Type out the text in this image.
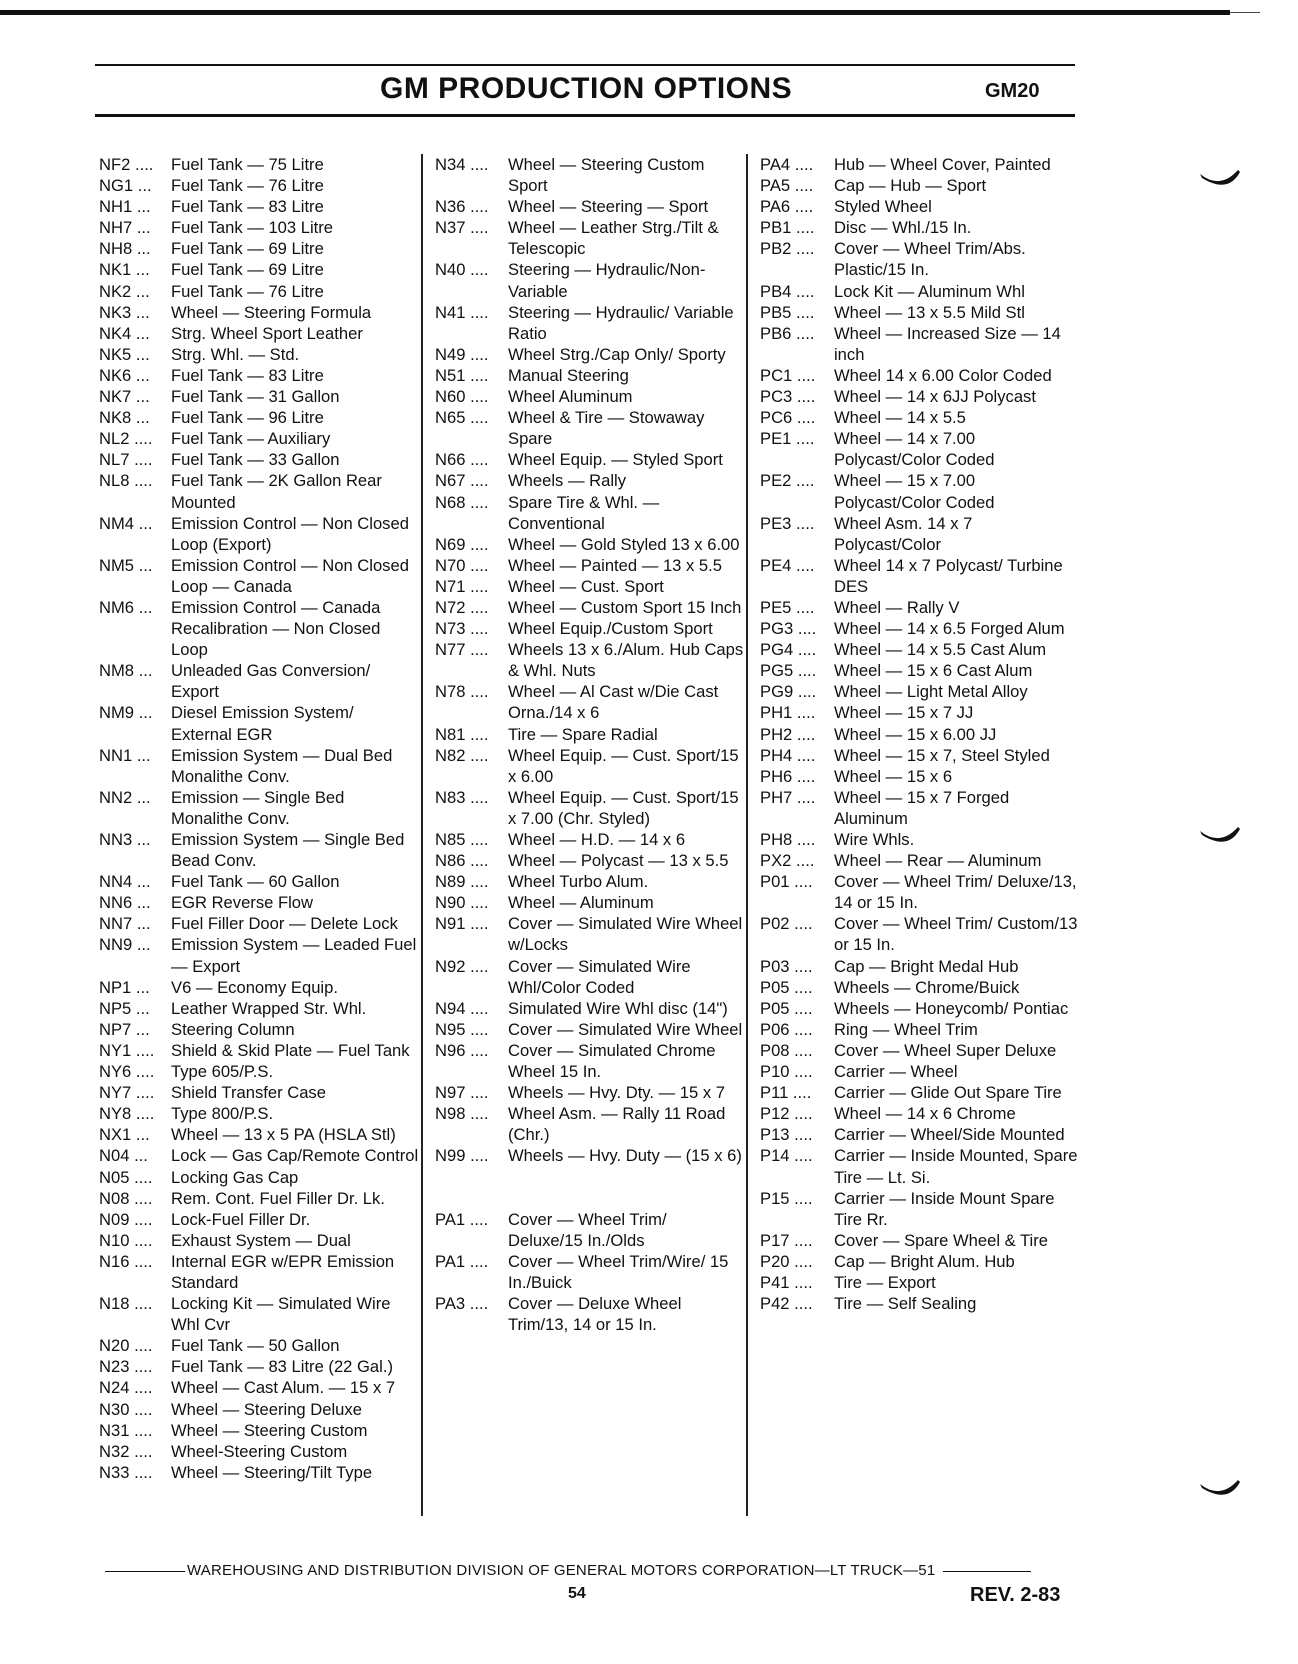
GM PRODUCTION OPTIONS	GM20
NF2 ....	Fuel Tank — 75 Litre
NG1 ...	Fuel Tank — 76 Litre
NH1 ...	Fuel Tank — 83 Litre
NH7 ...	Fuel Tank — 103 Litre
NH8 ...	Fuel Tank — 69 Litre
NK1 ...	Fuel Tank — 69 Litre
NK2 ...	Fuel Tank — 76 Litre
NK3 ...	Wheel — Steering Formula
NK4 ...	Strg. Wheel Sport Leather
NK5 ...	Strg. Whl. — Std.
NK6 ...	Fuel Tank — 83 Litre
NK7 ...	Fuel Tank — 31 Gallon
NK8 ...	Fuel Tank — 96 Litre
NL2 ....	Fuel Tank — Auxiliary
NL7 ....	Fuel Tank — 33 Gallon
NL8 ....	Fuel Tank — 2K Gallon Rear Mounted
NM4 ...	Emission Control — Non Closed Loop (Export)
NM5 ...	Emission Control — Non Closed Loop — Canada
NM6 ...	Emission Control — Canada Recalibration — Non Closed Loop
NM8 ...	Unleaded Gas Conversion/ Export
NM9 ...	Diesel Emission System/ External EGR
NN1 ...	Emission System — Dual Bed Monalithe Conv.
NN2 ...	Emission — Single Bed Monalithe Conv.
NN3 ...	Emission System — Single Bed Bead Conv.
NN4 ...	Fuel Tank — 60 Gallon
NN6 ...	EGR Reverse Flow
NN7 ...	Fuel Filler Door — Delete Lock
NN9 ...	Emission System — Leaded Fuel — Export
NP1 ...	V6 — Economy Equip.
NP5 ...	Leather Wrapped Str. Whl.
NP7 ...	Steering Column
NY1 ....	Shield & Skid Plate — Fuel Tank
NY6 ....	Type 605/P.S.
NY7 ....	Shield Transfer Case
NY8 ....	Type 800/P.S.
NX1 ...	Wheel — 13 x 5 PA (HSLA Stl)
N04 ...	Lock — Gas Cap/Remote Control
N05 ....	Locking Gas Cap
N08 ....	Rem. Cont. Fuel Filler Dr. Lk.
N09 ....	Lock-Fuel Filler Dr.
N10 ....	Exhaust System — Dual
N16 ....	Internal EGR w/EPR Emission Standard
N18 ....	Locking Kit — Simulated Wire Whl Cvr
N20 ....	Fuel Tank — 50 Gallon
N23 ....	Fuel Tank — 83 Litre (22 Gal.)
N24 ....	Wheel — Cast Alum. — 15 x 7
N30 ....	Wheel — Steering Deluxe
N31 ....	Wheel — Steering Custom
N32 ....	Wheel-Steering Custom
N33 ....	Wheel — Steering/Tilt Type
N34 ....	Wheel — Steering Custom Sport
N36 ....	Wheel — Steering — Sport
N37 ....	Wheel — Leather Strg./Tilt & Telescopic
N40 ....	Steering — Hydraulic/Non-Variable
N41 ....	Steering — Hydraulic/ Variable Ratio
N49 ....	Wheel Strg./Cap Only/ Sporty
N51 ....	Manual Steering
N60 ....	Wheel Aluminum
N65 ....	Wheel & Tire — Stowaway Spare
N66 ....	Wheel Equip. — Styled Sport
N67 ....	Wheels — Rally
N68 ....	Spare Tire & Whl. — Conventional
N69 ....	Wheel — Gold Styled 13 x 6.00
N70 ....	Wheel — Painted — 13 x 5.5
N71 ....	Wheel — Cust. Sport
N72 ....	Wheel — Custom Sport 15 Inch
N73 ....	Wheel Equip./Custom Sport
N77 ....	Wheels 13 x 6./Alum. Hub Caps & Whl. Nuts
N78 ....	Wheel — Al Cast w/Die Cast Orna./14 x 6
N81 ....	Tire — Spare Radial
N82 ....	Wheel Equip. — Cust. Sport/15 x 6.00
N83 ....	Wheel Equip. — Cust. Sport/15 x 7.00 (Chr. Styled)
N85 ....	Wheel — H.D. — 14 x 6
N86 ....	Wheel — Polycast — 13 x 5.5
N89 ....	Wheel Turbo Alum.
N90 ....	Wheel — Aluminum
N91 ....	Cover — Simulated Wire Wheel w/Locks
N92 ....	Cover — Simulated Wire Whl/Color Coded
N94 ....	Simulated Wire Whl disc (14")
N95 ....	Cover — Simulated Wire Wheel
N96 ....	Cover — Simulated Chrome Wheel 15 In.
N97 ....	Wheels — Hvy. Dty. — 15 x 7
N98 ....	Wheel Asm. — Rally 11 Road (Chr.)
N99 ....	Wheels — Hvy. Duty — (15 x 6)
PA1 ....	Cover — Wheel Trim/ Deluxe/15 In./Olds
PA1 ....	Cover — Wheel Trim/Wire/ 15 In./Buick
PA3 ....	Cover — Deluxe Wheel Trim/13, 14 or 15 In.
PA4 ....	Hub — Wheel Cover, Painted
PA5 ....	Cap — Hub — Sport
PA6 ....	Styled Wheel
PB1 ....	Disc — Whl./15 In.
PB2 ....	Cover — Wheel Trim/Abs. Plastic/15 In.
PB4 ....	Lock Kit — Aluminum Whl
PB5 ....	Wheel — 13 x 5.5 Mild Stl
PB6 ....	Wheel — Increased Size — 14 inch
PC1 ....	Wheel 14 x 6.00 Color Coded
PC3 ....	Wheel — 14 x 6JJ Polycast
PC6 ....	Wheel — 14 x 5.5
PE1 ....	Wheel — 14 x 7.00 Polycast/Color Coded
PE2 ....	Wheel — 15 x 7.00 Polycast/Color Coded
PE3 ....	Wheel Asm. 14 x 7 Polycast/Color
PE4 ....	Wheel 14 x 7 Polycast/ Turbine DES
PE5 ....	Wheel — Rally V
PG3 ....	Wheel — 14 x 6.5 Forged Alum
PG4 ....	Wheel — 14 x 5.5 Cast Alum
PG5 ....	Wheel — 15 x 6 Cast Alum
PG9 ....	Wheel — Light Metal Alloy
PH1 ....	Wheel — 15 x 7 JJ
PH2 ....	Wheel — 15 x 6.00 JJ
PH4 ....	Wheel — 15 x 7, Steel Styled
PH6 ....	Wheel — 15 x 6
PH7 ....	Wheel — 15 x 7 Forged Aluminum
PH8 ....	Wire Whls.
PX2 ....	Wheel — Rear — Aluminum
P01 ....	Cover — Wheel Trim/ Deluxe/13, 14 or 15 In.
P02 ....	Cover — Wheel Trim/ Custom/13 or 15 In.
P03 ....	Cap — Bright Medal Hub
P05 ....	Wheels — Chrome/Buick
P05 ....	Wheels — Honeycomb/ Pontiac
P06 ....	Ring — Wheel Trim
P08 ....	Cover — Wheel Super Deluxe
P10 ....	Carrier — Wheel
P11 ....	Carrier — Glide Out Spare Tire
P12 ....	Wheel — 14 x 6 Chrome
P13 ....	Carrier — Wheel/Side Mounted
P14 ....	Carrier — Inside Mounted, Spare Tire — Lt. Si.
P15 ....	Carrier — Inside Mount Spare Tire Rr.
P17 ....	Cover — Spare Wheel & Tire
P20 ....	Cap — Bright Alum. Hub
P41 ....	Tire — Export
P42 ....	Tire — Self Sealing
WAREHOUSING AND DISTRIBUTION DIVISION OF GENERAL MOTORS CORPORATION—LT TRUCK—51
54	REV. 2-83
